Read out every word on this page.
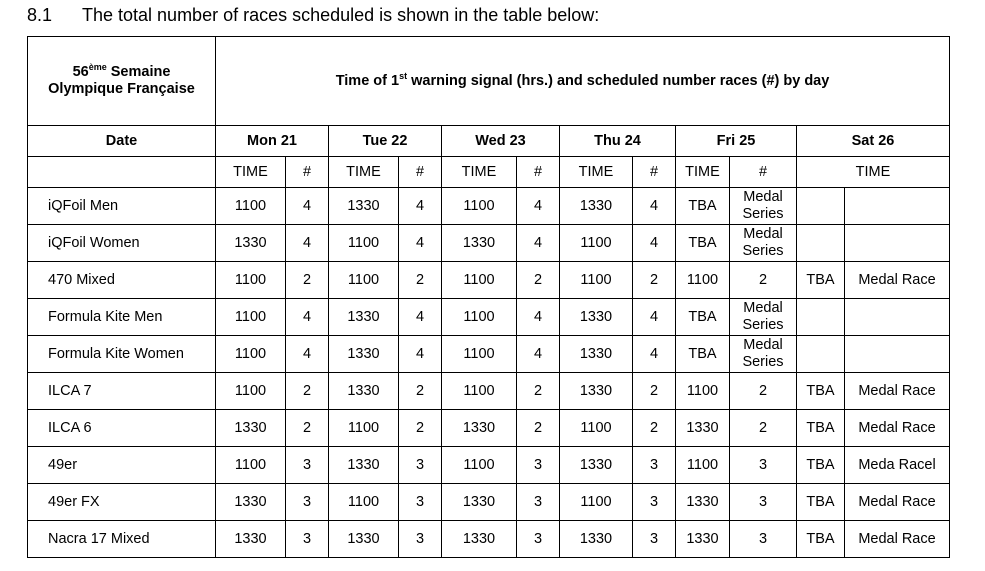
8.1 The total number of races scheduled is shown in the table below:
56ème Semaine
Olympique Française	Time of 1st warning signal (hrs.) and scheduled number races (#) by day											
Date	Mon 21		Tue 22		Wed 23		Thu 24		Fri 25		Sat 26	
	TIME	#	TIME	#	TIME	#	TIME	#	TIME	#	TIME	
iQFoil Men	1100	4	1330	4	1100	4	1330	4	TBA	Medal Series		
iQFoil Women	1330	4	1100	4	1330	4	1100	4	TBA	Medal Series		
470 Mixed	1100	2	1100	2	1100	2	1100	2	1100	2	TBA	Medal Race
Formula Kite Men	1100	4	1330	4	1100	4	1330	4	TBA	Medal Series		
Formula Kite Women	1100	4	1330	4	1100	4	1330	4	TBA	Medal Series		
ILCA 7	1100	2	1330	2	1100	2	1330	2	1100	2	TBA	Medal Race
ILCA 6	1330	2	1100	2	1330	2	1100	2	1330	2	TBA	Medal Race
49er	1100	3	1330	3	1100	3	1330	3	1100	3	TBA	Meda Racel
49er FX	1330	3	1100	3	1330	3	1100	3	1330	3	TBA	Medal Race
Nacra 17 Mixed	1330	3	1330	3	1330	3	1330	3	1330	3	TBA	Medal Race
